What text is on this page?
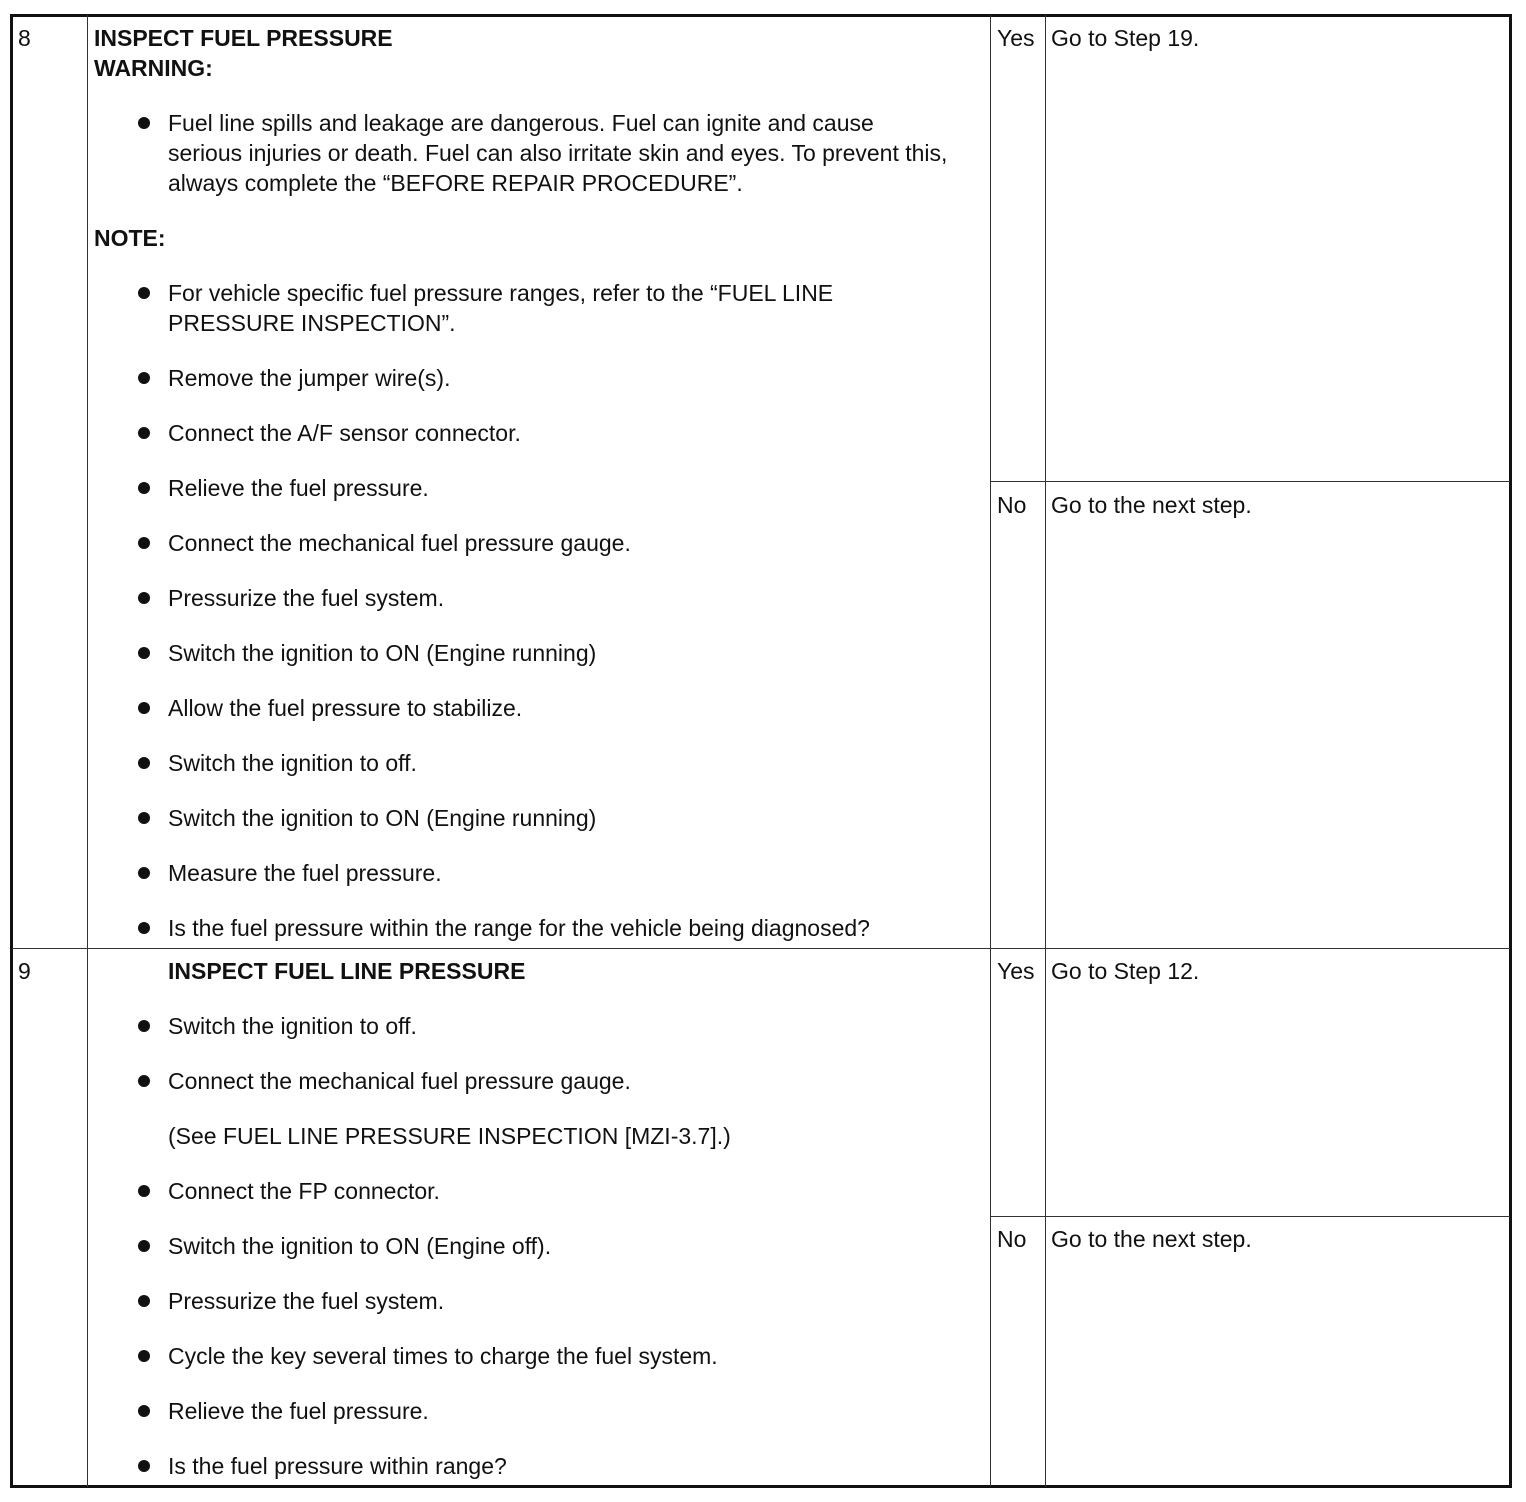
8	INSPECT FUEL PRESSURE
WARNING:
Fuel line spills and leakage are dangerous. Fuel can ignite and cause serious injuries or death. Fuel can also irritate skin and eyes. To prevent this, always complete the “BEFORE REPAIR PROCEDURE”.
NOTE:
For vehicle specific fuel pressure ranges, refer to the “FUEL LINE PRESSURE INSPECTION”.
Remove the jumper wire(s).
Connect the A/F sensor connector.
Relieve the fuel pressure.
Connect the mechanical fuel pressure gauge.
Pressurize the fuel system.
Switch the ignition to ON (Engine running)
Allow the fuel pressure to stabilize.
Switch the ignition to off.
Switch the ignition to ON (Engine running)
Measure the fuel pressure.
Is the fuel pressure within the range for the vehicle being diagnosed?
Yes Go to Step 19.
No Go to the next step.
9	INSPECT FUEL LINE PRESSURE
Switch the ignition to off.
Connect the mechanical fuel pressure gauge.
(See FUEL LINE PRESSURE INSPECTION [MZI-3.7].)
Connect the FP connector.
Switch the ignition to ON (Engine off).
Pressurize the fuel system.
Cycle the key several times to charge the fuel system.
Relieve the fuel pressure.
Is the fuel pressure within range?
Yes Go to Step 12.
No Go to the next step.
